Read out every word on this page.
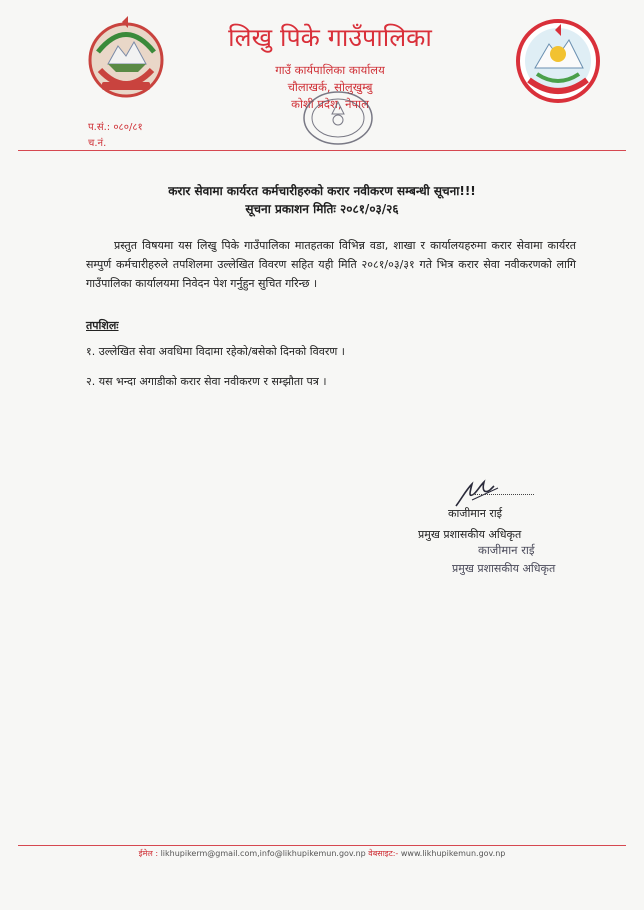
लिखु पिके गाउँपालिका
गाउँ कार्यपालिका कार्यालय
चौलाखर्क, सोलुखुम्बु
कोशी प्रदेश, नेपाल
प.सं.: ०८०/८१
च.नं.
करार सेवामा कार्यरत कर्मचारीहरुको करार नवीकरण सम्बन्धी सूचना!!!
सूचना प्रकाशन मितिः २०८१/०३/२६
प्रस्तुत विषयमा यस लिखु पिके गाउँपालिका मातहतका विभिन्न वडा, शाखा र कार्यालयहरुमा करार सेवामा कार्यरत सम्पुर्ण कर्मचारीहरुले तपशिलमा उल्लेखित विवरण सहित यही मिति २०८१/०३/३१ गते भित्र करार सेवा नवीकरणको लागि गाउँपालिका कार्यालयमा निवेदन पेश गर्नुहुन सुचित गरिन्छ ।
तपशिलः
१. उल्लेखित सेवा अवधिमा विदामा रहेको/बसेको दिनको विवरण ।
२. यस भन्दा अगाडीको करार सेवा नवीकरण र सम्झौता पत्र ।
काजीमान राई
प्रमुख प्रशासकीय अधिकृत
काजीमान राई
प्रमुख प्रशासकीय अधिकृत
ईमेल : likhupikerm@gmail.com,info@likhupikemun.gov.np वेबसाइट:- www.likhupikemun.gov.np
